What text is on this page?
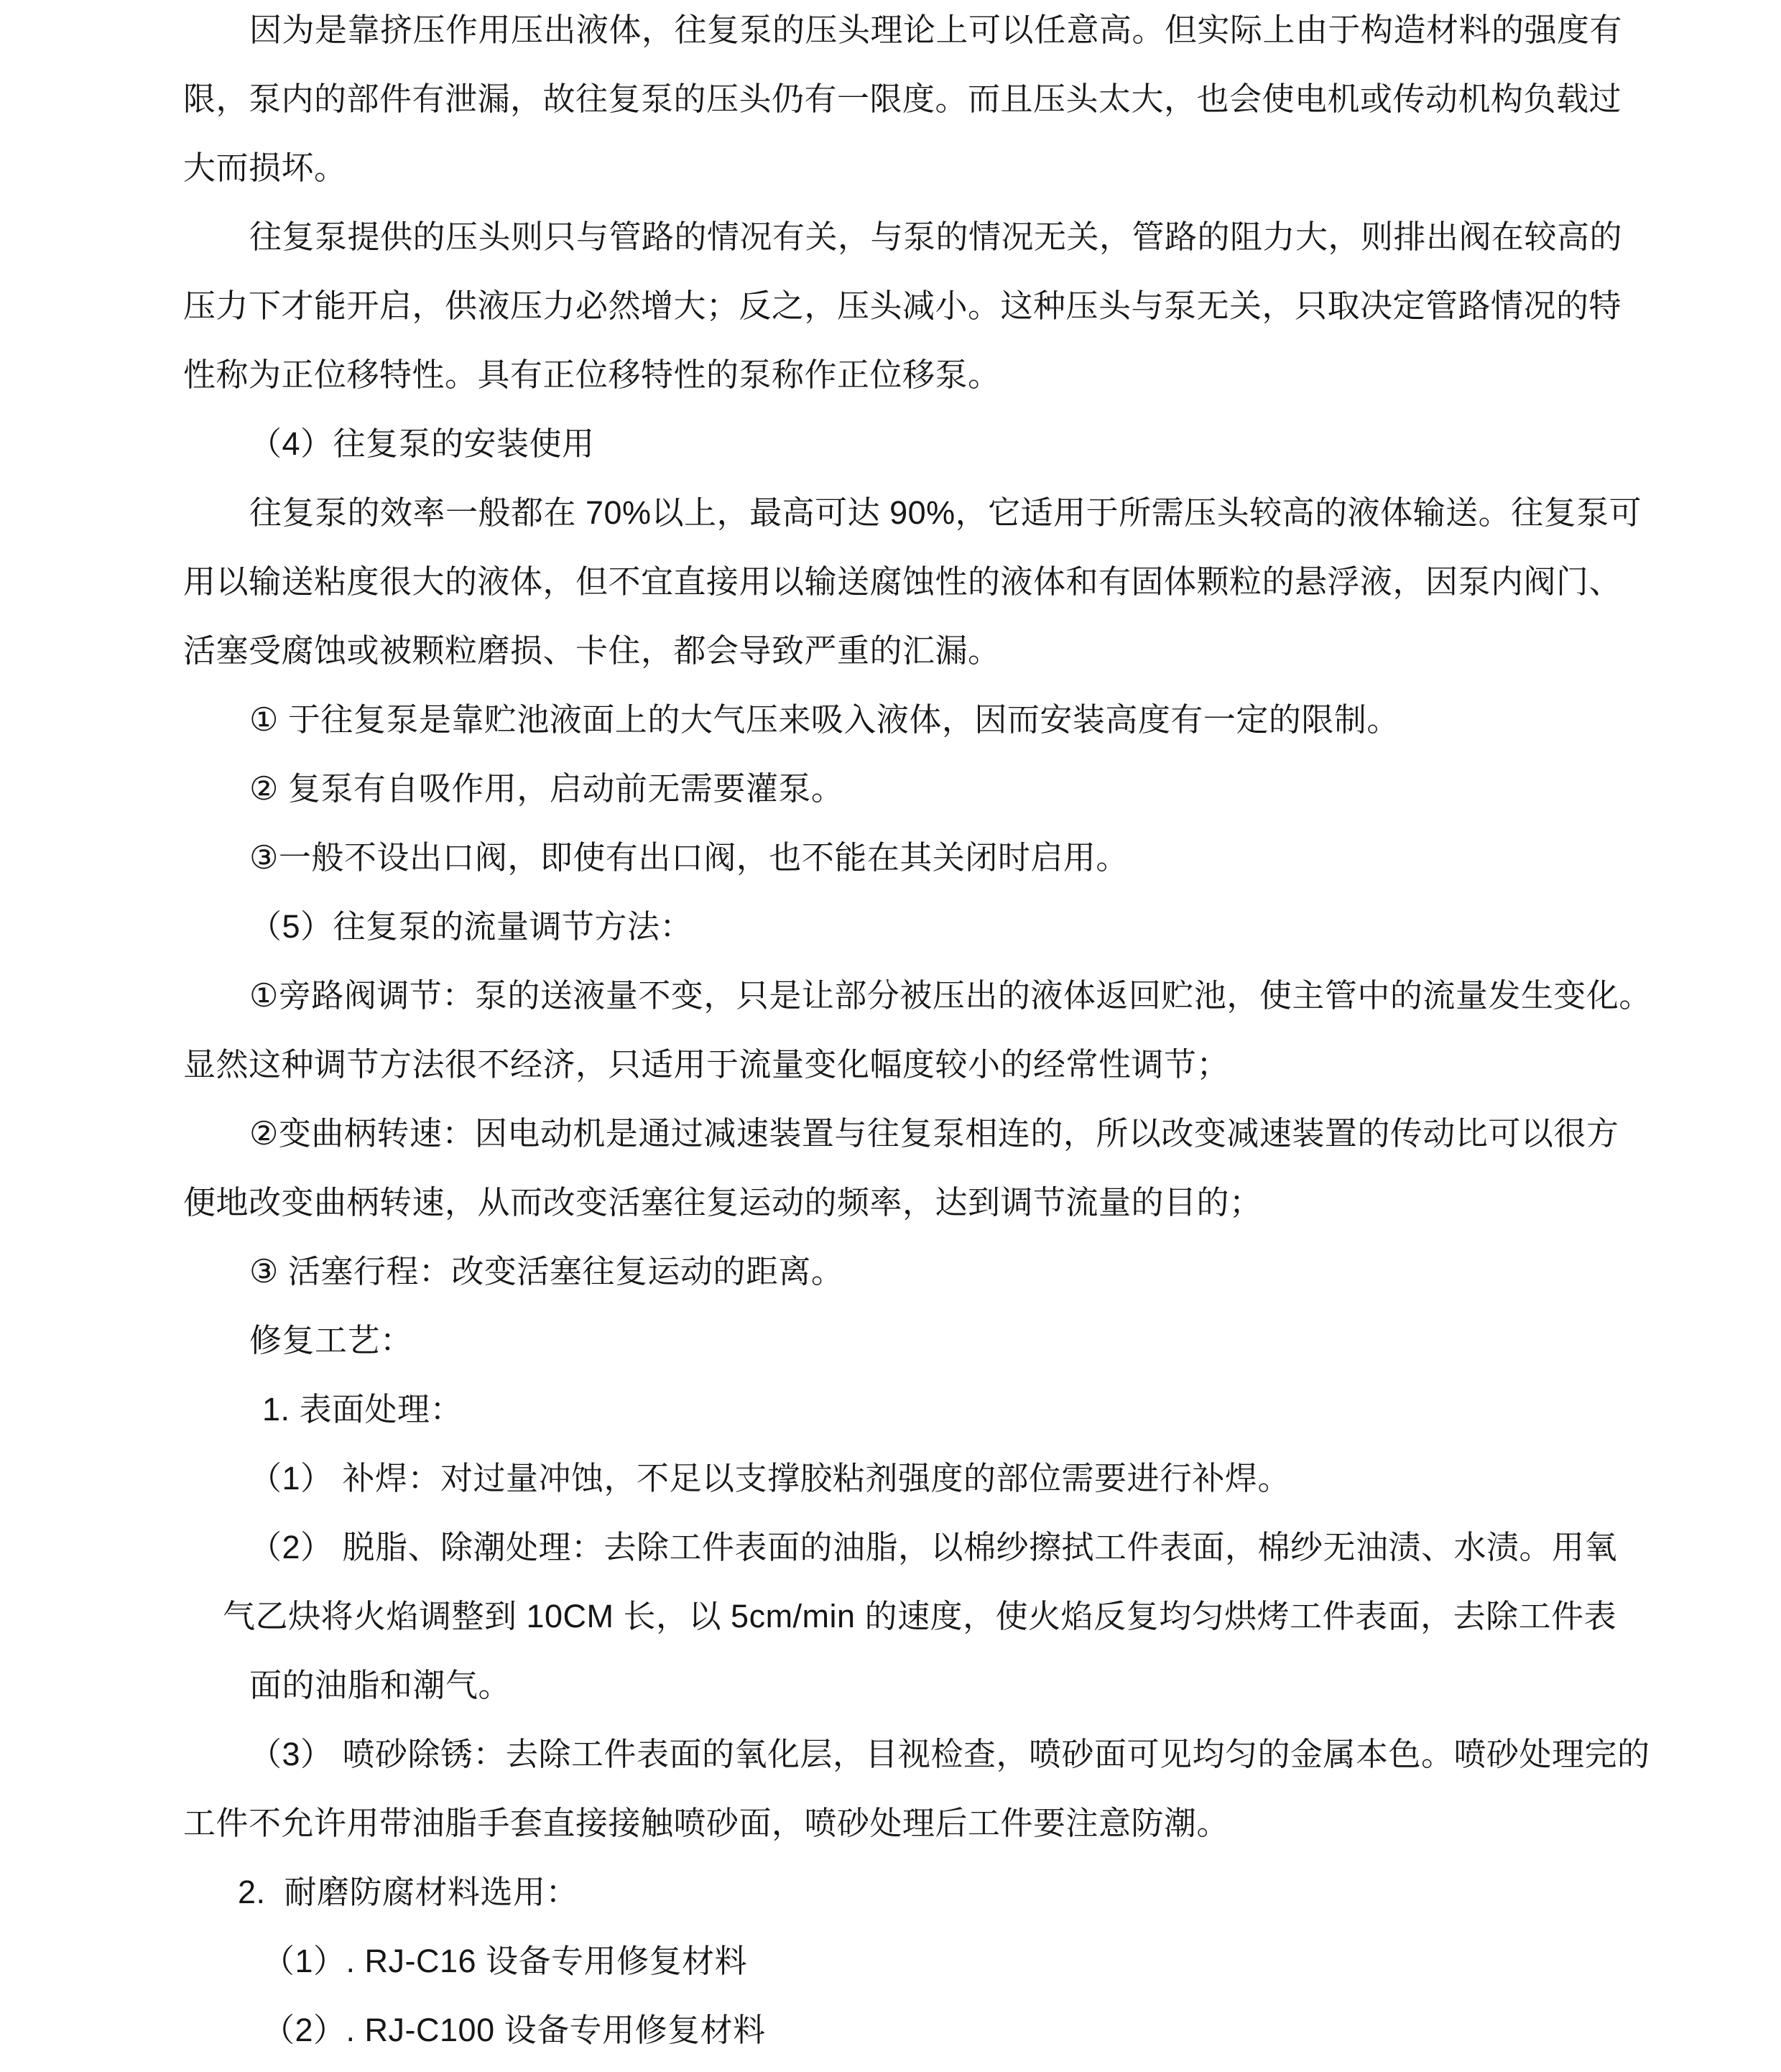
因为是靠挤压作用压出液体，往复泵的压头理论上可以任意高。但实际上由于构造材料的强度有
限，泵内的部件有泄漏，故往复泵的压头仍有一限度。而且压头太大，也会使电机或传动机构负载过
大而损坏。
往复泵提供的压头则只与管路的情况有关，与泵的情况无关，管路的阻力大，则排出阀在较高的
压力下才能开启，供液压力必然增大；反之，压头减小。这种压头与泵无关，只取决定管路情况的特
性称为正位移特性。具有正位移特性的泵称作正位移泵。
（4）往复泵的安装使用
往复泵的效率一般都在 70%以上，最高可达 90%，它适用于所需压头较高的液体输送。往复泵可
用以输送粘度很大的液体，但不宜直接用以输送腐蚀性的液体和有固体颗粒的悬浮液，因泵内阀门、
活塞受腐蚀或被颗粒磨损、卡住，都会导致严重的汇漏。
① 于往复泵是靠贮池液面上的大气压来吸入液体，因而安装高度有一定的限制。
② 复泵有自吸作用，启动前无需要灌泵。
③一般不设出口阀，即使有出口阀，也不能在其关闭时启用。
（5）往复泵的流量调节方法：
①旁路阀调节：泵的送液量不变，只是让部分被压出的液体返回贮池，使主管中的流量发生变化。
显然这种调节方法很不经济，只适用于流量变化幅度较小的经常性调节；
②变曲柄转速：因电动机是通过减速装置与往复泵相连的，所以改变减速装置的传动比可以很方
便地改变曲柄转速，从而改变活塞往复运动的频率，达到调节流量的目的；
③ 活塞行程：改变活塞往复运动的距离。
修复工艺：
1. 表面处理：
（1） 补焊：对过量冲蚀，不足以支撑胶粘剂强度的部位需要进行补焊。
（2） 脱脂、除潮处理：去除工件表面的油脂，以棉纱擦拭工件表面，棉纱无油渍、水渍。用氧
气乙炔将火焰调整到 10CM 长，以 5cm/min 的速度，使火焰反复均匀烘烤工件表面，去除工件表
面的油脂和潮气。
（3） 喷砂除锈：去除工件表面的氧化层，目视检查，喷砂面可见均匀的金属本色。喷砂处理完的
工件不允许用带油脂手套直接接触喷砂面，喷砂处理后工件要注意防潮。
2.  耐磨防腐材料选用：
（1）. RJ-C16 设备专用修复材料
（2）. RJ-C100 设备专用修复材料
